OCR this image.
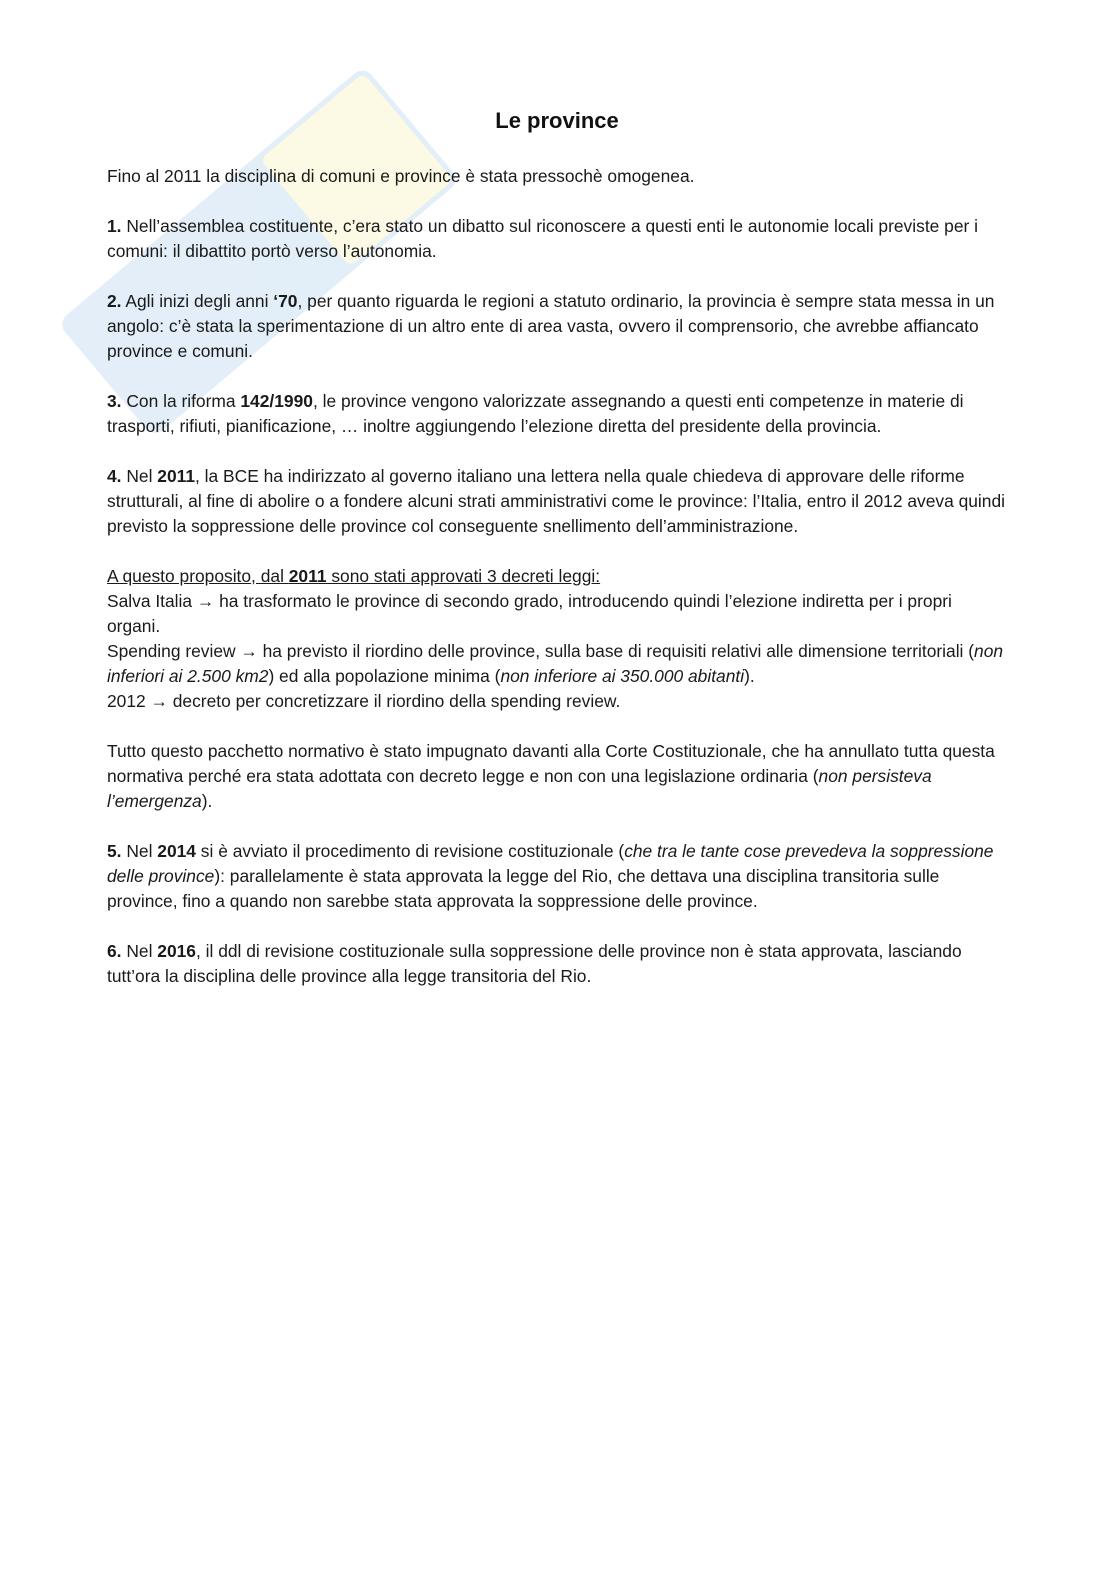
Le province

Fino al 2011 la disciplina di comuni e province è stata pressochè omogenea.

1. Nell’assemblea costituente, c’era stato un dibatto sul riconoscere a questi enti le autonomie locali previste per i comuni: il dibattito portò verso l’autonomia.

2. Agli inizi degli anni ‘70, per quanto riguarda le regioni a statuto ordinario, la provincia è sempre stata messa in un angolo: c’è stata la sperimentazione di un altro ente di area vasta, ovvero il comprensorio, che avrebbe affiancato province e comuni.

3. Con la riforma 142/1990, le province vengono valorizzate assegnando a questi enti competenze in materie di trasporti, rifiuti, pianificazione, … inoltre aggiungendo l’elezione diretta del presidente della provincia.

4. Nel 2011, la BCE ha indirizzato al governo italiano una lettera nella quale chiedeva di approvare delle riforme strutturali, al fine di abolire o a fondere alcuni strati amministrativi come le province: l’Italia, entro il 2012 aveva quindi previsto la soppressione delle province col conseguente snellimento dell’amministrazione.

A questo proposito, dal 2011 sono stati approvati 3 decreti leggi:
Salva Italia → ha trasformato le province di secondo grado, introducendo quindi l’elezione indiretta per i propri organi.
Spending review → ha previsto il riordino delle province, sulla base di requisiti relativi alle dimensione territoriali (non inferiori ai 2.500 km2) ed alla popolazione minima (non inferiore ai 350.000 abitanti).
2012 → decreto per concretizzare il riordino della spending review.

Tutto questo pacchetto normativo è stato impugnato davanti alla Corte Costituzionale, che ha annullato tutta questa normativa perché era stata adottata con decreto legge e non con una legislazione ordinaria (non persisteva l’emergenza).

5. Nel 2014 si è avviato il procedimento di revisione costituzionale (che tra le tante cose prevedeva la soppressione delle province): parallelamente è stata approvata la legge del Rio, che dettava una disciplina transitoria sulle province, fino a quando non sarebbe stata approvata la soppressione delle province.

6. Nel 2016, il ddl di revisione costituzionale sulla soppressione delle province non è stata approvata, lasciando tutt’ora la disciplina delle province alla legge transitoria del Rio.
